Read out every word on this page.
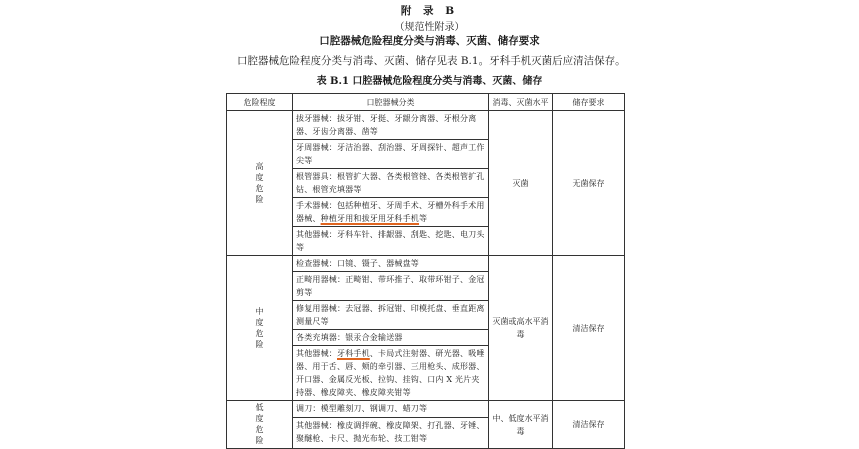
附 录 B
（规范性附录）
口腔器械危险程度分类与消毒、灭菌、储存要求
口腔器械危险程度分类与消毒、灭菌、储存见表 B.1。牙科手机灭菌后应清洁保存。
表 B.1 口腔器械危险程度分类与消毒、灭菌、储存
危险程度	口腔器械分类	消毒、灭菌水平	储存要求
高度危险	拔牙器械：拔牙钳、牙挺、牙龈分离器、牙根分离器、牙齿分离器、凿等	灭菌	无菌保存
	牙周器械：牙洁治器、刮治器、牙周探针、超声工作尖等		
	根管器具：根管扩大器、各类根管锉、各类根管扩孔钻、根管充填器等		
	手术器械：包括种植牙、牙周手术、牙槽外科手术用器械、种植牙用和拔牙用牙科手机等		
	其他器械：牙科车针、排龈器、刮匙、挖匙、电刀头等		
中度危险	检查器械：口镜、镊子、器械盘等	灭菌或高水平消毒	清洁保存
	正畸用器械：正畸钳、带环推子、取带环钳子、金冠剪等		
	修复用器械：去冠器、拆冠钳、印模托盘、垂直距离测量尺等		
	各类充填器：银汞合金输送器		
	其他器械：牙科手机、卡局式注射器、研光器、吸唾器、用于舌、唇、颊的牵引器、三用枪头、成形器、开口器、金属反光板、拉钩、挂钩、口内 X 光片夹持器、橡皮障夹、橡皮障夹钳等		
低度危险	调刀：模型雕刻刀、钢调刀、蜡刀等	中、低度水平消毒	清洁保存
	其他器械：橡皮调拌碗、橡皮障架、打孔器、牙锤、聚醚枪、卡尺、抛光布轮、技工钳等		
